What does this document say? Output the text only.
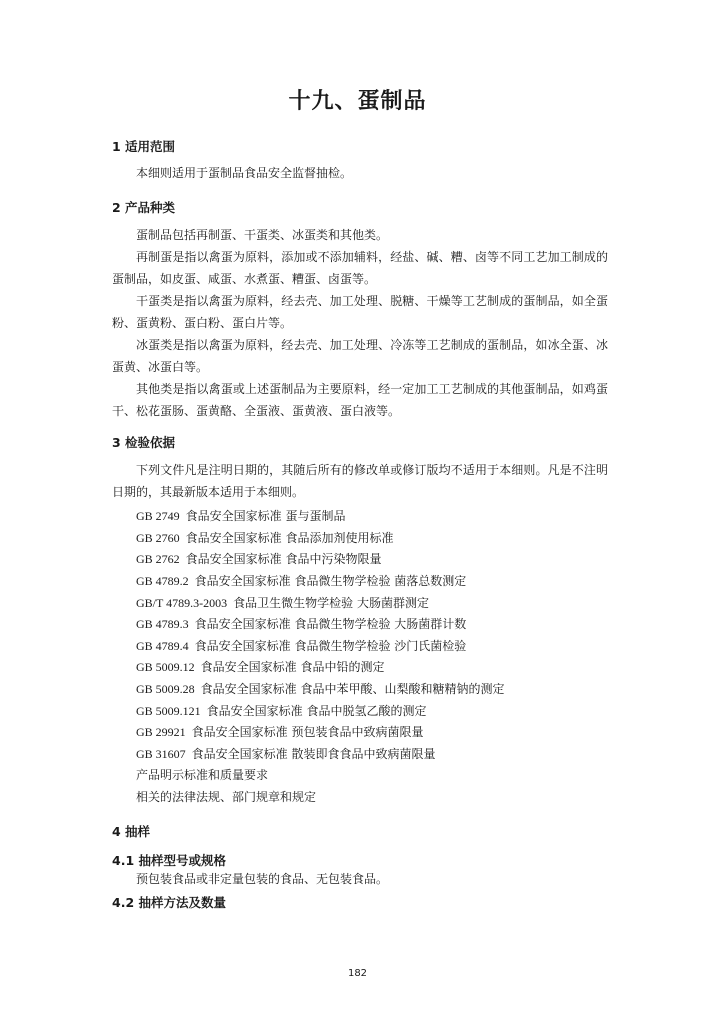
十九、蛋制品
1 适用范围

本细则适用于蛋制品食品安全监督抽检。

2 产品种类

蛋制品包括再制蛋、干蛋类、冰蛋类和其他类。

再制蛋是指以禽蛋为原料，添加或不添加辅料，经盐、碱、糟、卤等不同工艺加工制成的蛋制品，如皮蛋、咸蛋、水煮蛋、糟蛋、卤蛋等。

干蛋类是指以禽蛋为原料，经去壳、加工处理、脱糖、干燥等工艺制成的蛋制品，如全蛋粉、蛋黄粉、蛋白粉、蛋白片等。

冰蛋类是指以禽蛋为原料，经去壳、加工处理、冷冻等工艺制成的蛋制品，如冰全蛋、冰蛋黄、冰蛋白等。

其他类是指以禽蛋或上述蛋制品为主要原料，经一定加工工艺制成的其他蛋制品，如鸡蛋干、松花蛋肠、蛋黄酪、全蛋液、蛋黄液、蛋白液等。

3 检验依据

下列文件凡是注明日期的，其随后所有的修改单或修订版均不适用于本细则。凡是不注明日期的，其最新版本适用于本细则。

GB 2749 食品安全国家标准 蛋与蛋制品
GB 2760 食品安全国家标准 食品添加剂使用标准
GB 2762 食品安全国家标准 食品中污染物限量
GB 4789.2 食品安全国家标准 食品微生物学检验 菌落总数测定
GB/T 4789.3-2003 食品卫生微生物学检验 大肠菌群测定
GB 4789.3 食品安全国家标准 食品微生物学检验 大肠菌群计数
GB 4789.4 食品安全国家标准 食品微生物学检验 沙门氏菌检验
GB 5009.12 食品安全国家标准 食品中铅的测定
GB 5009.28 食品安全国家标准 食品中苯甲酸、山梨酸和糖精钠的测定
GB 5009.121 食品安全国家标准 食品中脱氢乙酸的测定
GB 29921 食品安全国家标准 预包装食品中致病菌限量
GB 31607 食品安全国家标准 散装即食食品中致病菌限量
产品明示标准和质量要求
相关的法律法规、部门规章和规定
4 抽样
4.1 抽样型号或规格

预包装食品或非定量包装的食品、无包装食品。

4.2 抽样方法及数量
182
